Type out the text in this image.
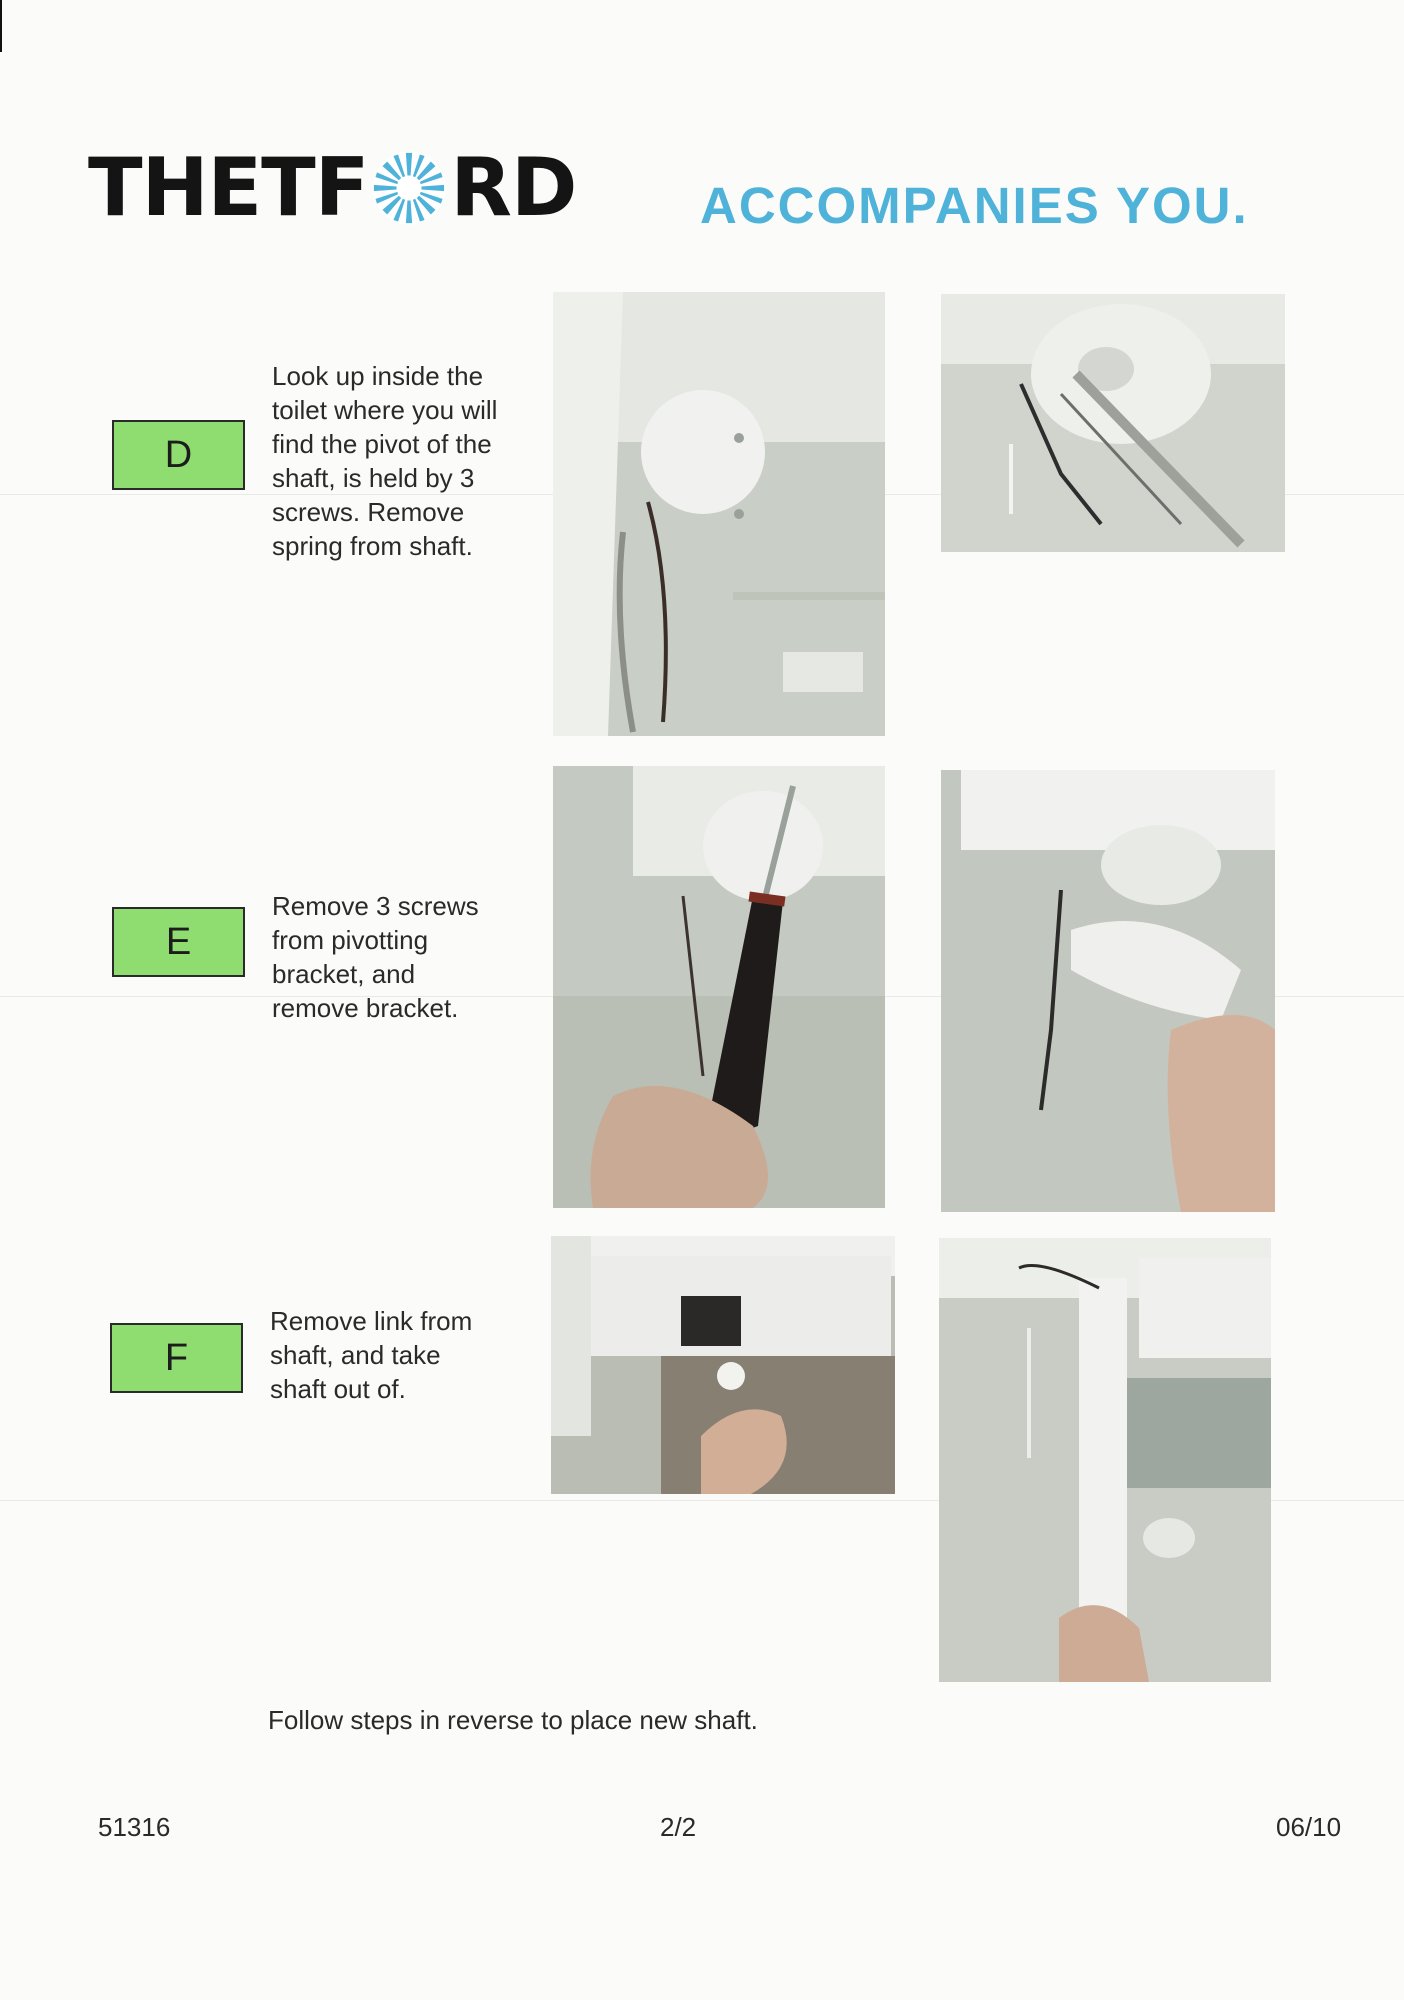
THETF RD ACCOMPANIES YOU.
D
Look up inside the
toilet where you will
find the pivot of the
shaft, is held by 3
screws. Remove
spring from shaft.
E
Remove 3 screws
from pivotting
bracket, and
remove bracket.
F
Remove link from
shaft, and take
shaft out of.
Follow steps in reverse to place new shaft.
51316	2/2	06/10
